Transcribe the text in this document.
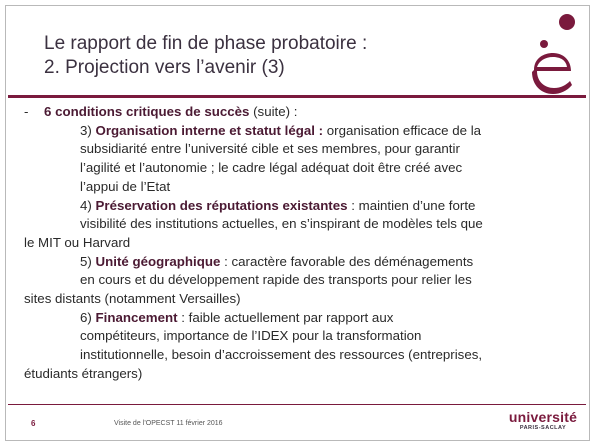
Le rapport de fin de phase probatoire :
2. Projection vers l’avenir (3)
- 6 conditions critiques de succès (suite) :
3) Organisation interne et statut légal : organisation efficace de la
subsidiarité entre l’université cible et ses membres, pour garantir
l’agilité et l’autonomie ; le cadre légal adéquat doit être créé avec
l’appui de l’Etat
4) Préservation des réputations existantes : maintien d’une forte
visibilité des institutions actuelles, en s’inspirant de modèles tels que
le MIT ou Harvard
5) Unité géographique : caractère favorable des déménagements
en cours et du développement rapide des transports pour relier les
sites distants (notamment Versailles)
6) Financement : faible actuellement par rapport aux
compétiteurs, importance de l’IDEX pour la transformation
institutionnelle, besoin d’accroissement des ressources (entreprises,
étudiants étrangers)
6	Visite de l’OPECST 11 février 2016	université
PARIS-SACLAY
